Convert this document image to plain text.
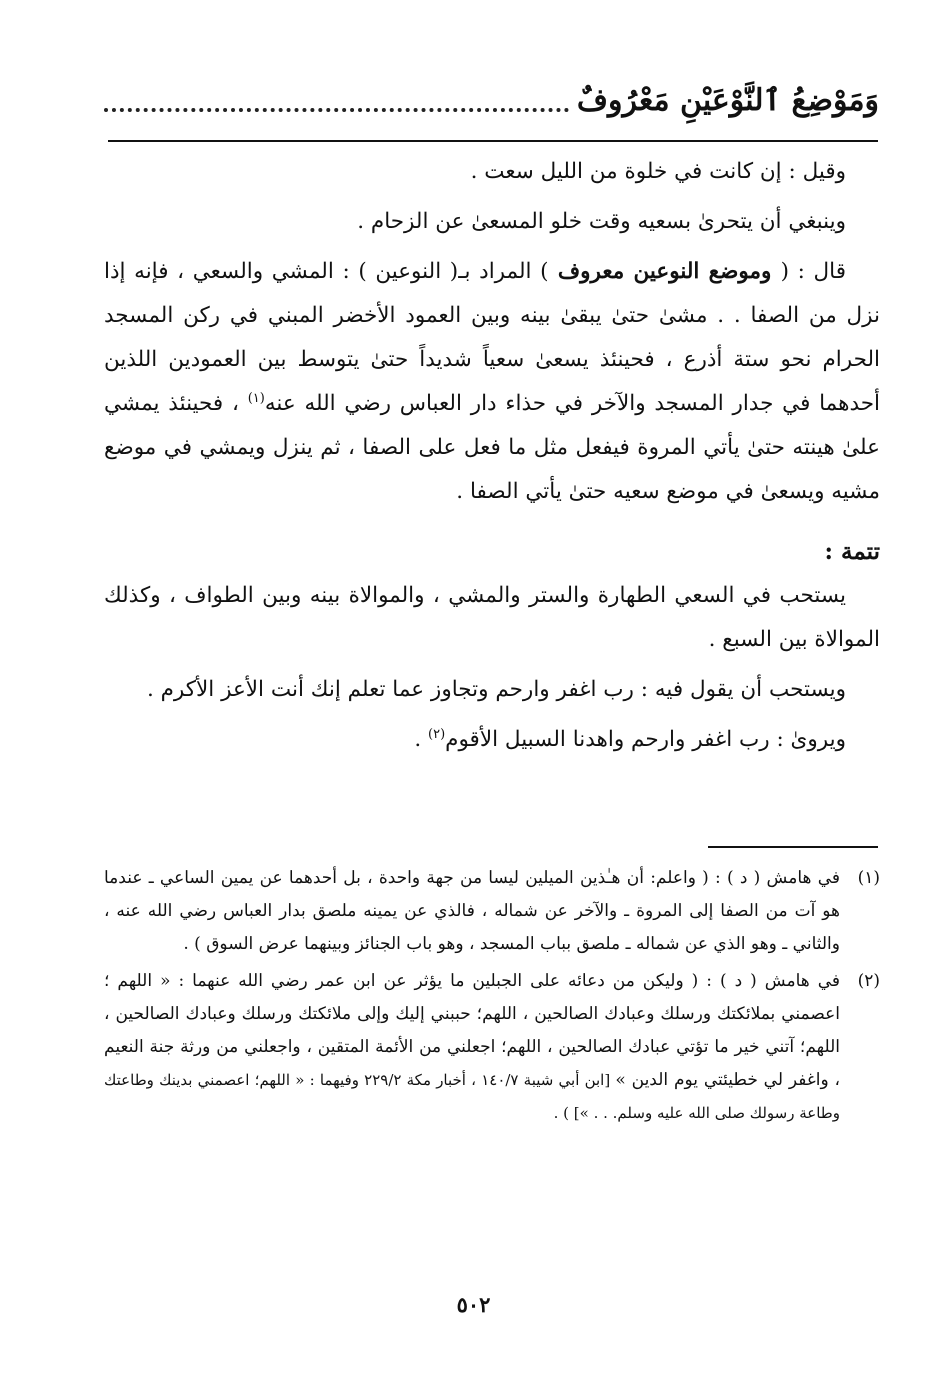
وَمَوْضِعُ ٱلنَّوْعَيْنِ مَعْرُوفٌ

وقيل : إن كانت في خلوة من الليل سعت .

وينبغي أن يتحرىٰ بسعيه وقت خلو المسعىٰ عن الزحام .

قال : ( وموضع النوعين معروف ) المراد بـ( النوعين ) : المشي والسعي ، فإنه إذا نزل من الصفا . . مشىٰ حتىٰ يبقىٰ بينه وبين العمود الأخضر المبني في ركن المسجد الحرام نحو ستة أذرع ، فحينئذ يسعىٰ سعياً شديداً حتىٰ يتوسط بين العمودين اللذين أحدهما في جدار المسجد والآخر في حذاء دار العباس رضي الله عنه$^{(١)}$ ، فحينئذ يمشي علىٰ هينته حتىٰ يأتي المروة فيفعل مثل ما فعل على الصفا ، ثم ينزل ويمشي في موضع مشيه ويسعىٰ في موضع سعيه حتىٰ يأتي الصفا .

تتمة :

يستحب في السعي الطهارة والستر والمشي ، والموالاة بينه وبين الطواف ، وكذلك الموالاة بين السبع .

ويستحب أن يقول فيه : رب اغفر وارحم وتجاوز عما تعلم إنك أنت الأعز الأكرم .

ويروىٰ : رب اغفر وارحم واهدنا السبيل الأقوم$^{(٢)}$ .

(١)
في هامش ( د ) : ( واعلم: أن هـٰذين الميلين ليسا من جهة واحدة ، بل أحدهما عن يمين الساعي ـ عندما هو آت من الصفا إلى المروة ـ والآخر عن شماله ، فالذي عن يمينه ملصق بدار العباس رضي الله عنه ، والثاني ـ وهو الذي عن شماله ـ ملصق بباب المسجد ، وهو باب الجنائز وبينهما عرض السوق ) .
(٢)
في هامش ( د ) : ( وليكن من دعائه على الجبلين ما يؤثر عن ابن عمر رضي الله عنهما : « اللهم ؛ اعصمني بملائكتك ورسلك وعبادك الصالحين ، اللهم؛ حببني إليك وإلى ملائكتك ورسلك وعبادك الصالحين ، اللهم؛ آتني خير ما تؤتي عبادك الصالحين ، اللهم؛ اجعلني من الأئمة المتقين ، واجعلني من ورثة جنة النعيم ، واغفر لي خطيئتي يوم الدين » [ابن أبي شيبة ١٤٠/٧ ، أخبار مكة ٢٢٩/٢ وفيهما : « اللهم؛ اعصمني بدينك وطاعتك وطاعة رسولك صلى الله عليه وسلم. . . »] ) .
٥٠٢
